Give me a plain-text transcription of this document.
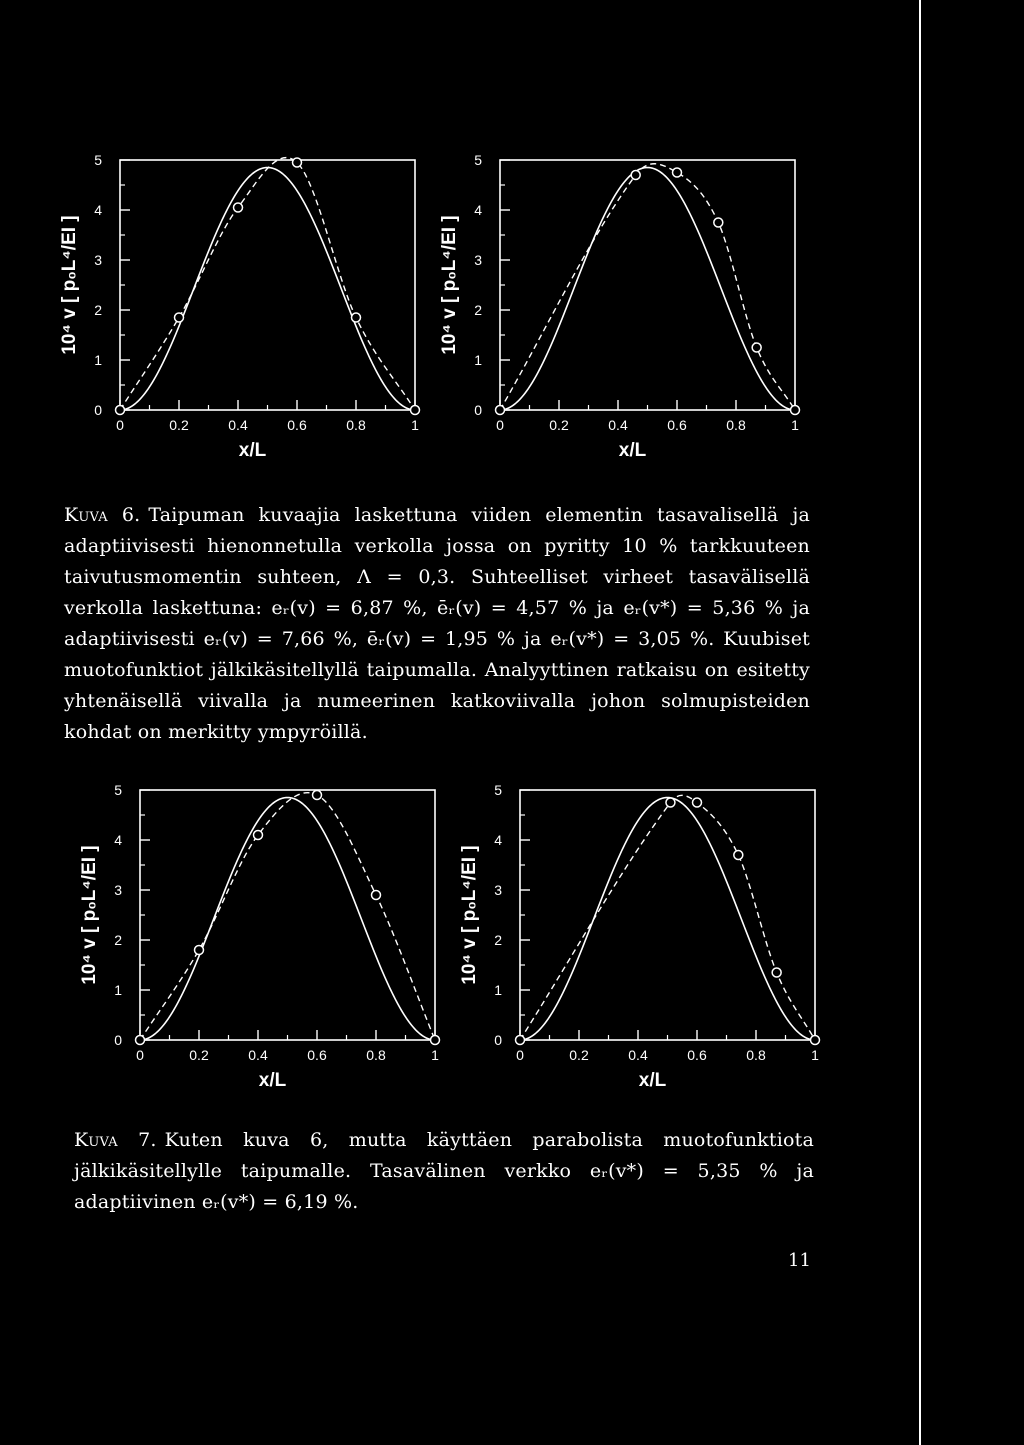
0
1
2
3
4
5
0	0.2	0.4	0.6	0.8	1
x/L
10⁴ v [ p₀L⁴/EI ]
0
1
2
3
4
5
0	0.2	0.4	0.6	0.8	1
x/L
10⁴ v [ p₀L⁴/EI ]

Kuva 6. Taipuman kuvaajia laskettuna viiden elementin tasavalisellä ja adaptiivisesti hienonnetulla verkolla jossa on pyritty 10 % tarkkuuteen taivutusmomentin suhteen, Λ = 0,3. Suhteelliset virheet tasavälisellä verkolla laskettuna: eᵣ(v) = 6,87 %, ēᵣ(v) = 4,57 % ja eᵣ(v*) = 5,36 % ja adaptiivisesti eᵣ(v) = 7,66 %, ēᵣ(v) = 1,95 % ja eᵣ(v*) = 3,05 %. Kuubiset muotofunktiot jälkikäsitellyllä taipumalla. Analyyttinen ratkaisu on esitetty yhtenäisellä viivalla ja numeerinen katkoviivalla johon solmupisteiden kohdat on merkitty ympyröillä.

0
1
2
3
4
5
0	0.2	0.4	0.6	0.8	1
x/L
10⁴ v [ p₀L⁴/EI ]
0
1
2
3
4
5
0	0.2	0.4	0.6	0.8	1
x/L
10⁴ v [ p₀L⁴/EI ]

Kuva 7. Kuten kuva 6, mutta käyttäen parabolista muotofunktiota jälkikäsitellylle taipumalle. Tasavälinen verkko eᵣ(v*) = 5,35 % ja adaptiivinen eᵣ(v*) = 6,19 %.

11
